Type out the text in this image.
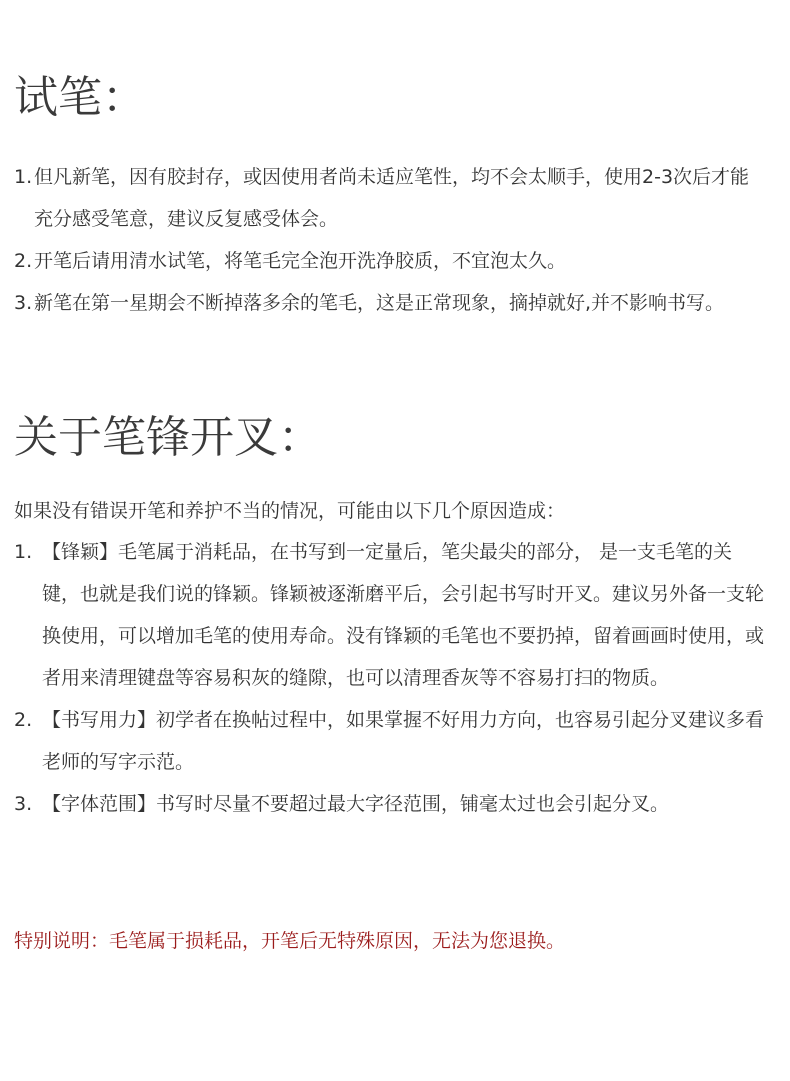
试笔：
1. 但凡新笔，因有胶封存，或因使用者尚未适应笔性，均不会太顺手，使用2-3次后才能充分感受笔意，建议反复感受体会。
2. 开笔后请用清水试笔，将笔毛完全泡开洗净胶质，不宜泡太久。
3. 新笔在第一星期会不断掉落多余的笔毛，这是正常现象，摘掉就好,并不影响书写。
关于笔锋开叉：

如果没有错误开笔和养护不当的情况，可能由以下几个原因造成：

1. 【锋颖】毛笔属于消耗品，在书写到一定量后，笔尖最尖的部分， 是一支毛笔的关键，也就是我们说的锋颖。锋颖被逐渐磨平后，会引起书写时开叉。建议另外备一支轮换使用，可以增加毛笔的使用寿命。没有锋颖的毛笔也不要扔掉，留着画画时使用，或者用来清理键盘等容易积灰的缝隙，也可以清理香灰等不容易打扫的物质。
2. 【书写用力】初学者在换帖过程中，如果掌握不好用力方向，也容易引起分叉建议多看老师的写字示范。
3. 【字体范围】书写时尽量不要超过最大字径范围，铺毫太过也会引起分叉。

特别说明：毛笔属于损耗品，开笔后无特殊原因，无法为您退换。
